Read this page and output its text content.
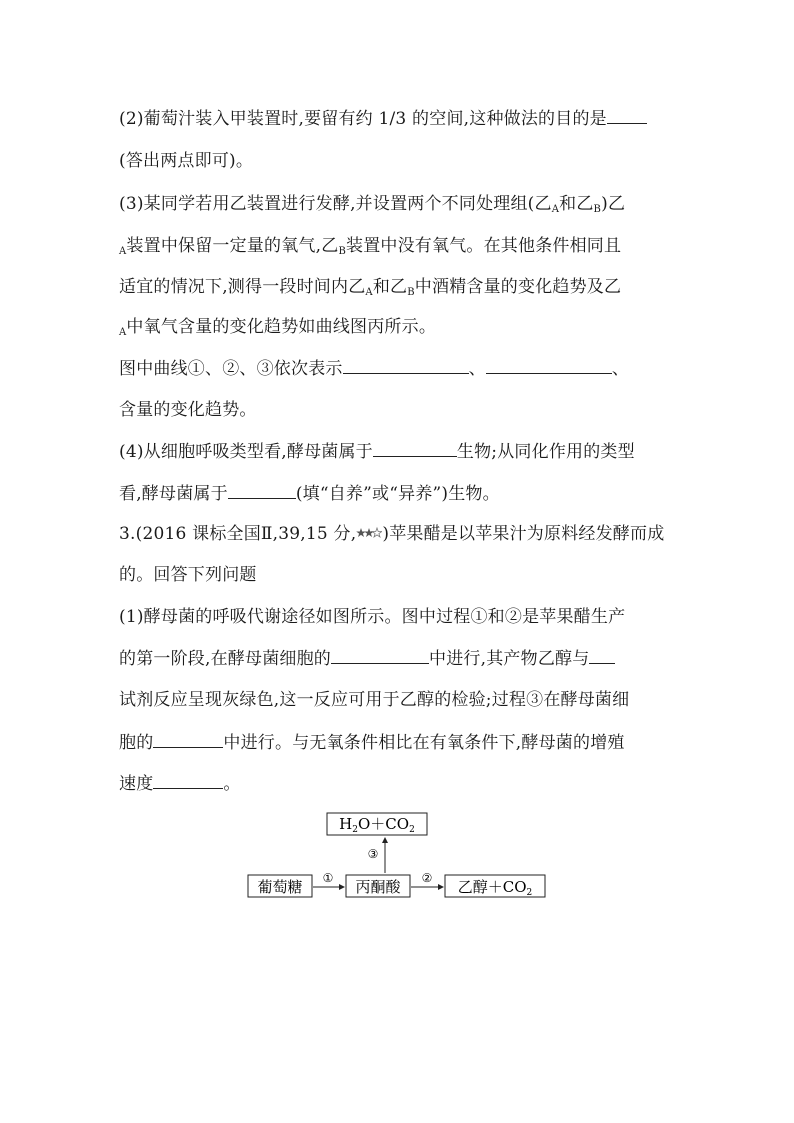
(2)葡萄汁装入甲装置时,要留有约 1/3 的空间,这种做法的目的是
(答出两点即可)。
(3)某同学若用乙装置进行发酵,并设置两个不同处理组(乙$_A$和乙$_B$)乙
$_A$装置中保留一定量的氧气,乙$_B$装置中没有氧气。在其他条件相同且
适宜的情况下,测得一段时间内乙$_A$和乙$_B$中酒精含量的变化趋势及乙
$_A$中氧气含量的变化趋势如曲线图丙所示。
图中曲线①、②、③依次表示	、	、
含量的变化趋势。
(4)从细胞呼吸类型看,酵母菌属于	生物;从同化作用的类型
看,酵母菌属于	(填“自养”或“异养”)生物。
3.(2016 课标全国Ⅱ,39,15 分, )苹果醋是以苹果汁为原料经发酵而成
的。回答下列问题
(1)酵母菌的呼吸代谢途径如图所示。图中过程①和②是苹果醋生产
的第一阶段,在酵母菌细胞的	中进行,其产物乙醇与
试剂反应呈现灰绿色,这一反应可用于乙醇的检验;过程③在酵母菌细
胞的	中进行。与无氧条件相比在有氧条件下,酵母菌的增殖
速度	。
$H_2O+CO_2$
③
葡萄糖 ① 丙酮酸 ② 乙醇$+CO_2$
